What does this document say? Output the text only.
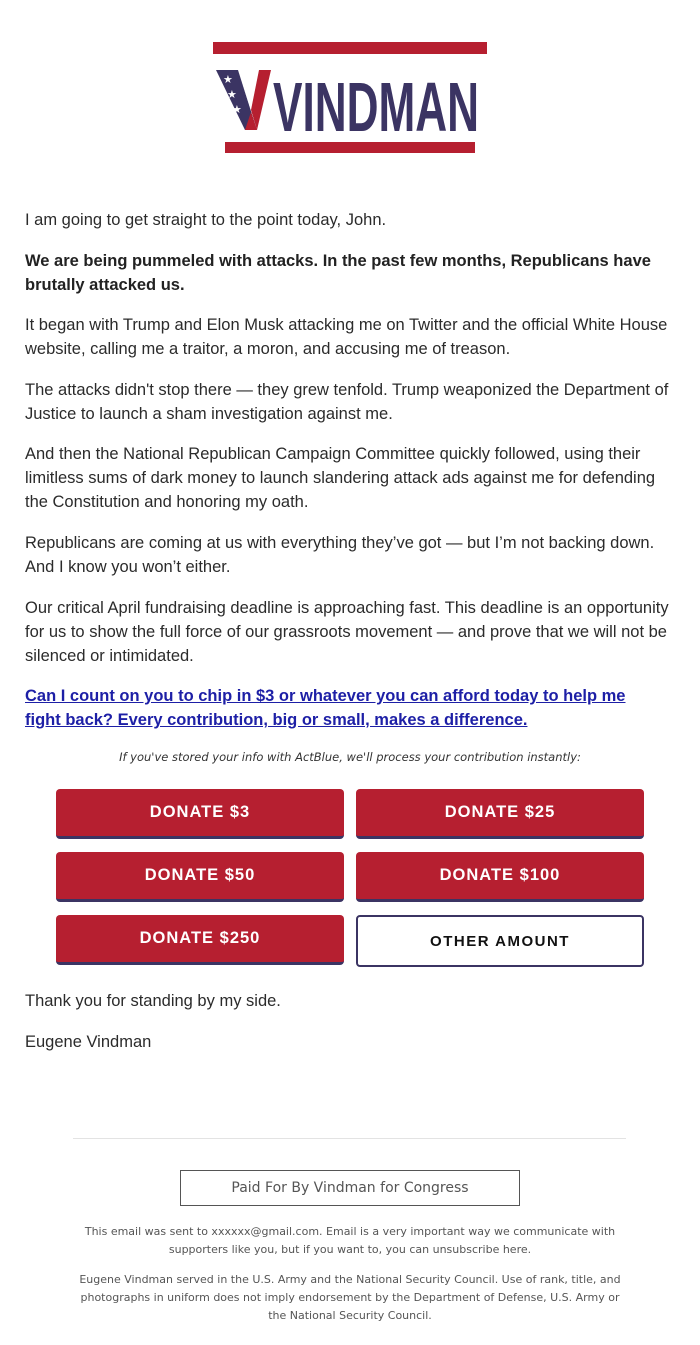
★
★
★ VINDMAN

I am going to get straight to the point today, John.

We are being pummeled with attacks. In the past few months, Republicans have brutally attacked us.

It began with Trump and Elon Musk attacking me on Twitter and the official White House website, calling me a traitor, a moron, and accusing me of treason.

The attacks didn't stop there — they grew tenfold. Trump weaponized the Department of Justice to launch a sham investigation against me.

And then the National Republican Campaign Committee quickly followed, using their limitless sums of dark money to launch slandering attack ads against me for defending the Constitution and honoring my oath.

Republicans are coming at us with everything they’ve got — but I’m not backing down. And I know you won’t either.

Our critical April fundraising deadline is approaching fast. This deadline is an opportunity for us to show the full force of our grassroots movement — and prove that we will not be silenced or intimidated.

Can I count on you to chip in $3 or whatever you can afford today to help me fight back? Every contribution, big or small, makes a difference.

If you've stored your info with ActBlue, we'll process your contribution instantly:
DONATE $3	DONATE $25
DONATE $50	DONATE $100
DONATE $250	OTHER AMOUNT

Thank you for standing by my side.

Eugene Vindman

Paid For By Vindman for Congress

This email was sent to xxxxxx@gmail.com. Email is a very important way we communicate with supporters like you, but if you want to, you can unsubscribe here.

Eugene Vindman served in the U.S. Army and the National Security Council. Use of rank, title, and photographs in uniform does not imply endorsement by the Department of Defense, U.S. Army or the National Security Council.
